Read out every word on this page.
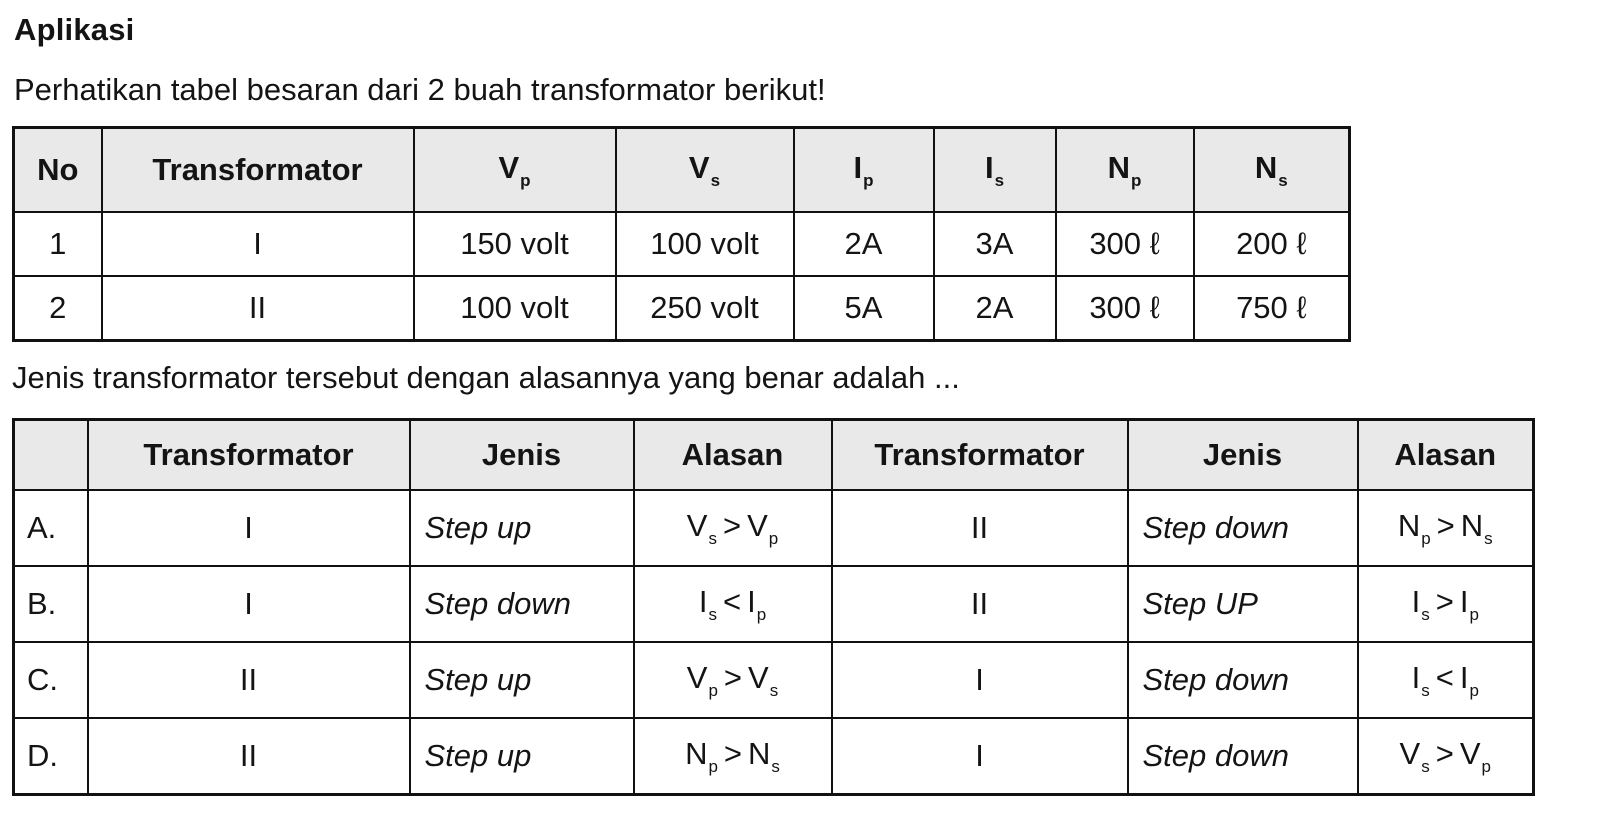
Aplikasi
Perhatikan tabel besaran dari 2 buah transformator berikut!
No	Transformator	$V_p$	$V_s$	$I_p$	$I_s$	$N_p$	$N_s$
1	I	150 volt	100 volt	2A	3A	300 ℓ	200 ℓ
2	II	100 volt	250 volt	5A	2A	300 ℓ	750 ℓ
Jenis transformator tersebut dengan alasannya yang benar adalah ...
	Transformator	Jenis	Alasan	Transformator	Jenis	Alasan
A.	I	Step up	$V_s > V_p$	II	Step down	$N_p > N_s$
B.	I	Step down	$I_s < I_p$	II	Step UP	$I_s > I_p$
C.	II	Step up	$V_p > V_s$	I	Step down	$I_s < I_p$
D.	II	Step up	$N_p > N_s$	I	Step down	$V_s > V_p$
